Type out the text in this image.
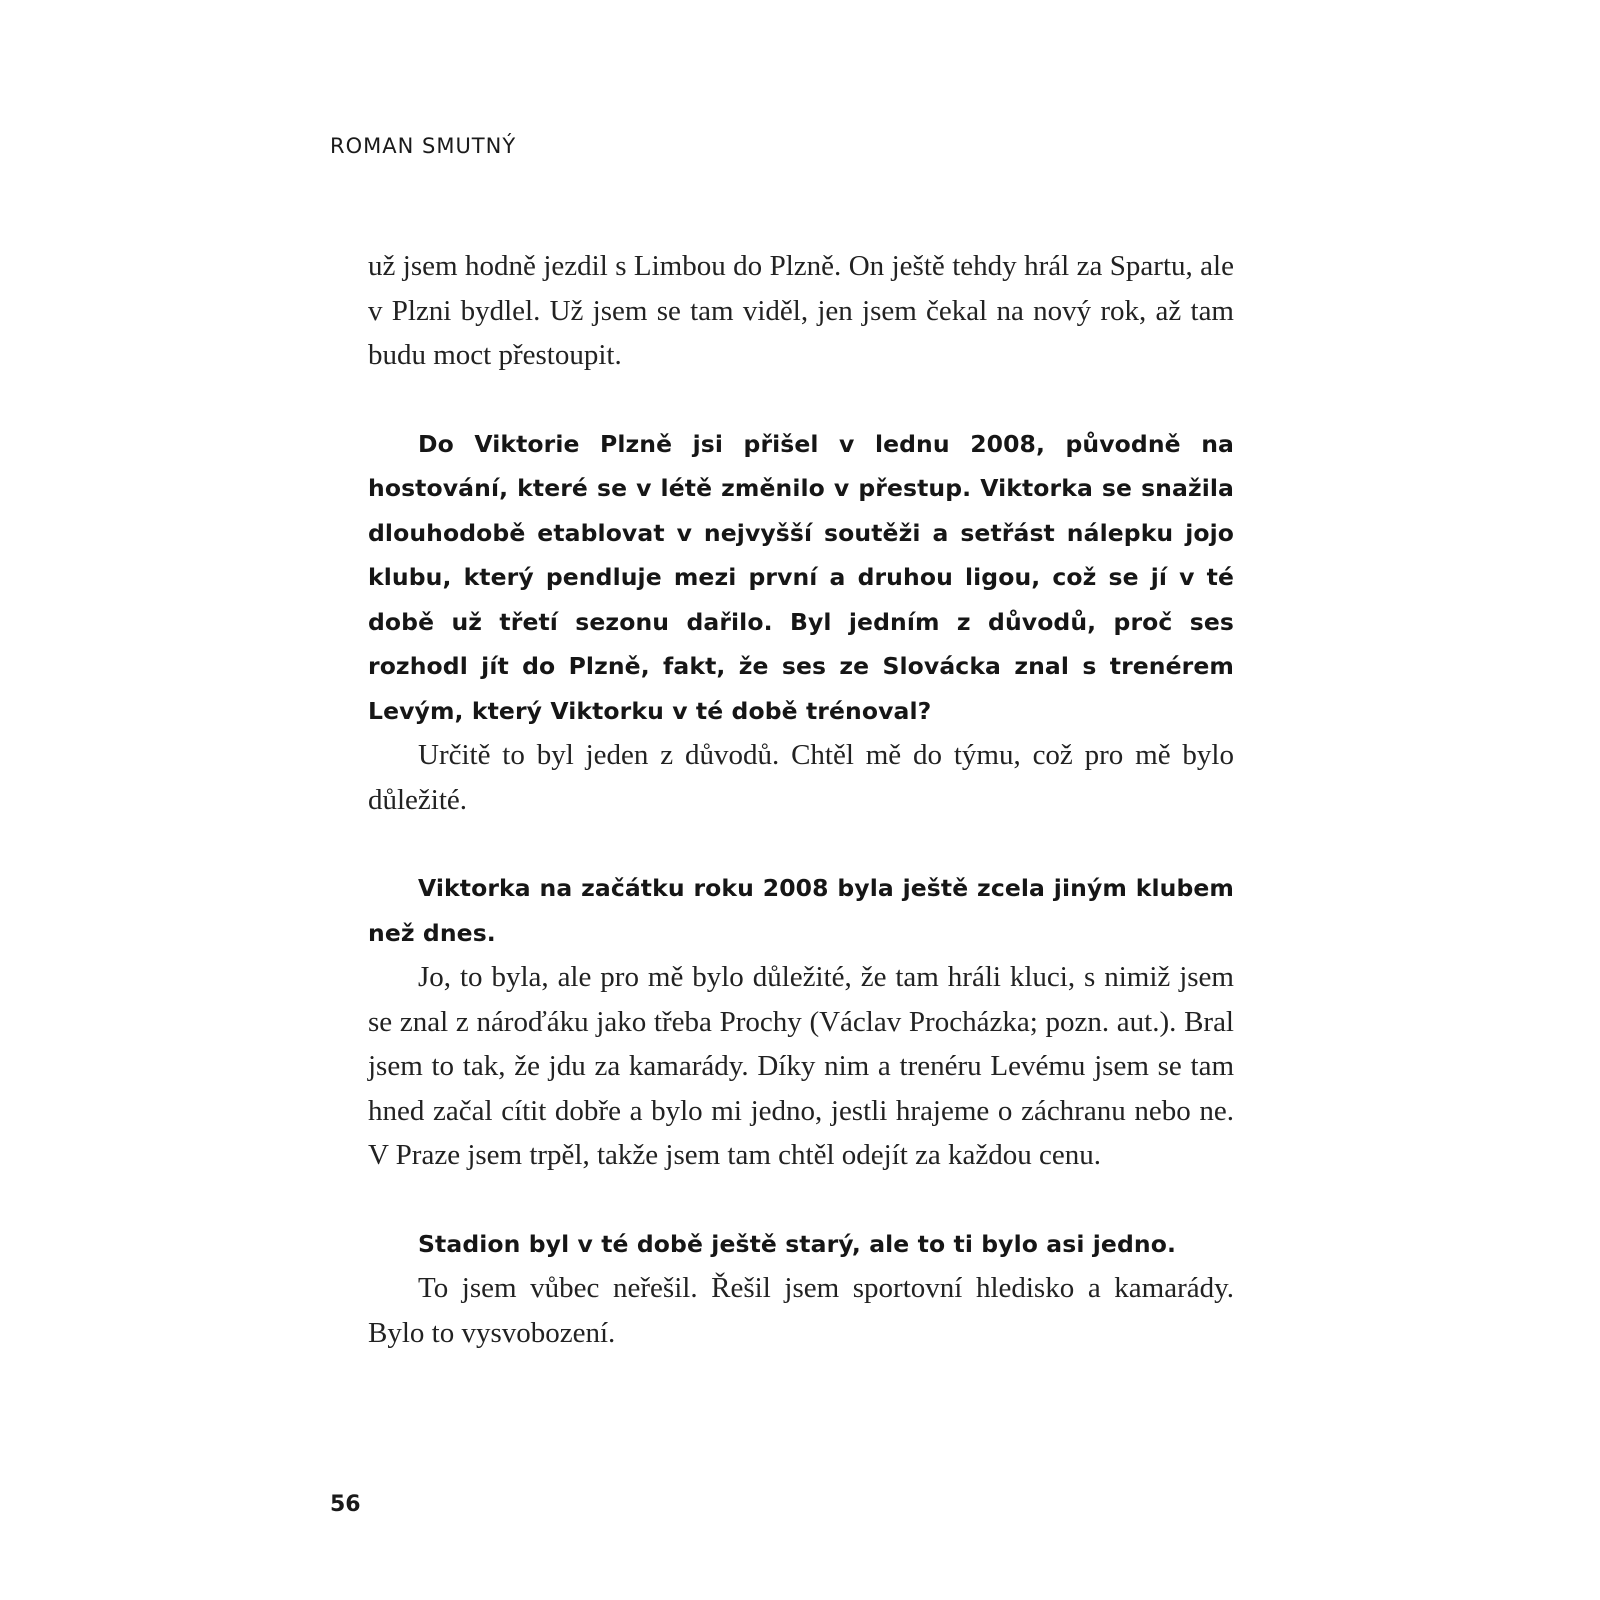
ROMAN SMUTNÝ

už jsem hodně jezdil s Limbou do Plzně. On ještě tehdy hrál za Spartu, ale v Plzni bydlel. Už jsem se tam viděl, jen jsem čekal na nový rok, až tam budu moct přestoupit.

Do Viktorie Plzně jsi přišel v lednu 2008, původně na hostování, které se v létě změnilo v přestup. Viktorka se snažila dlouhodobě etablovat v nejvyšší soutěži a setřást nálepku jojo klubu, který pendluje mezi první a druhou ligou, což se jí v té době už třetí sezonu dařilo. Byl jedním z důvodů, proč ses rozhodl jít do Plzně, fakt, že ses ze Slovácka znal s trenérem Levým, který Viktorku v té době trénoval?

Určitě to byl jeden z důvodů. Chtěl mě do týmu, což pro mě bylo důležité.

Viktorka na začátku roku 2008 byla ještě zcela jiným klubem než dnes.

Jo, to byla, ale pro mě bylo důležité, že tam hráli kluci, s nimiž jsem se znal z nároďáku jako třeba Prochy (Václav Procházka; pozn. aut.). Bral jsem to tak, že jdu za kamarády. Díky nim a trenéru Levému jsem se tam hned začal cítit dobře a bylo mi jedno, jestli hrajeme o záchranu nebo ne. V Praze jsem trpěl, takže jsem tam chtěl odejít za každou cenu.

Stadion byl v té době ještě starý, ale to ti bylo asi jedno.

To jsem vůbec neřešil. Řešil jsem sportovní hledisko a kamarády. Bylo to vysvobození.

56
